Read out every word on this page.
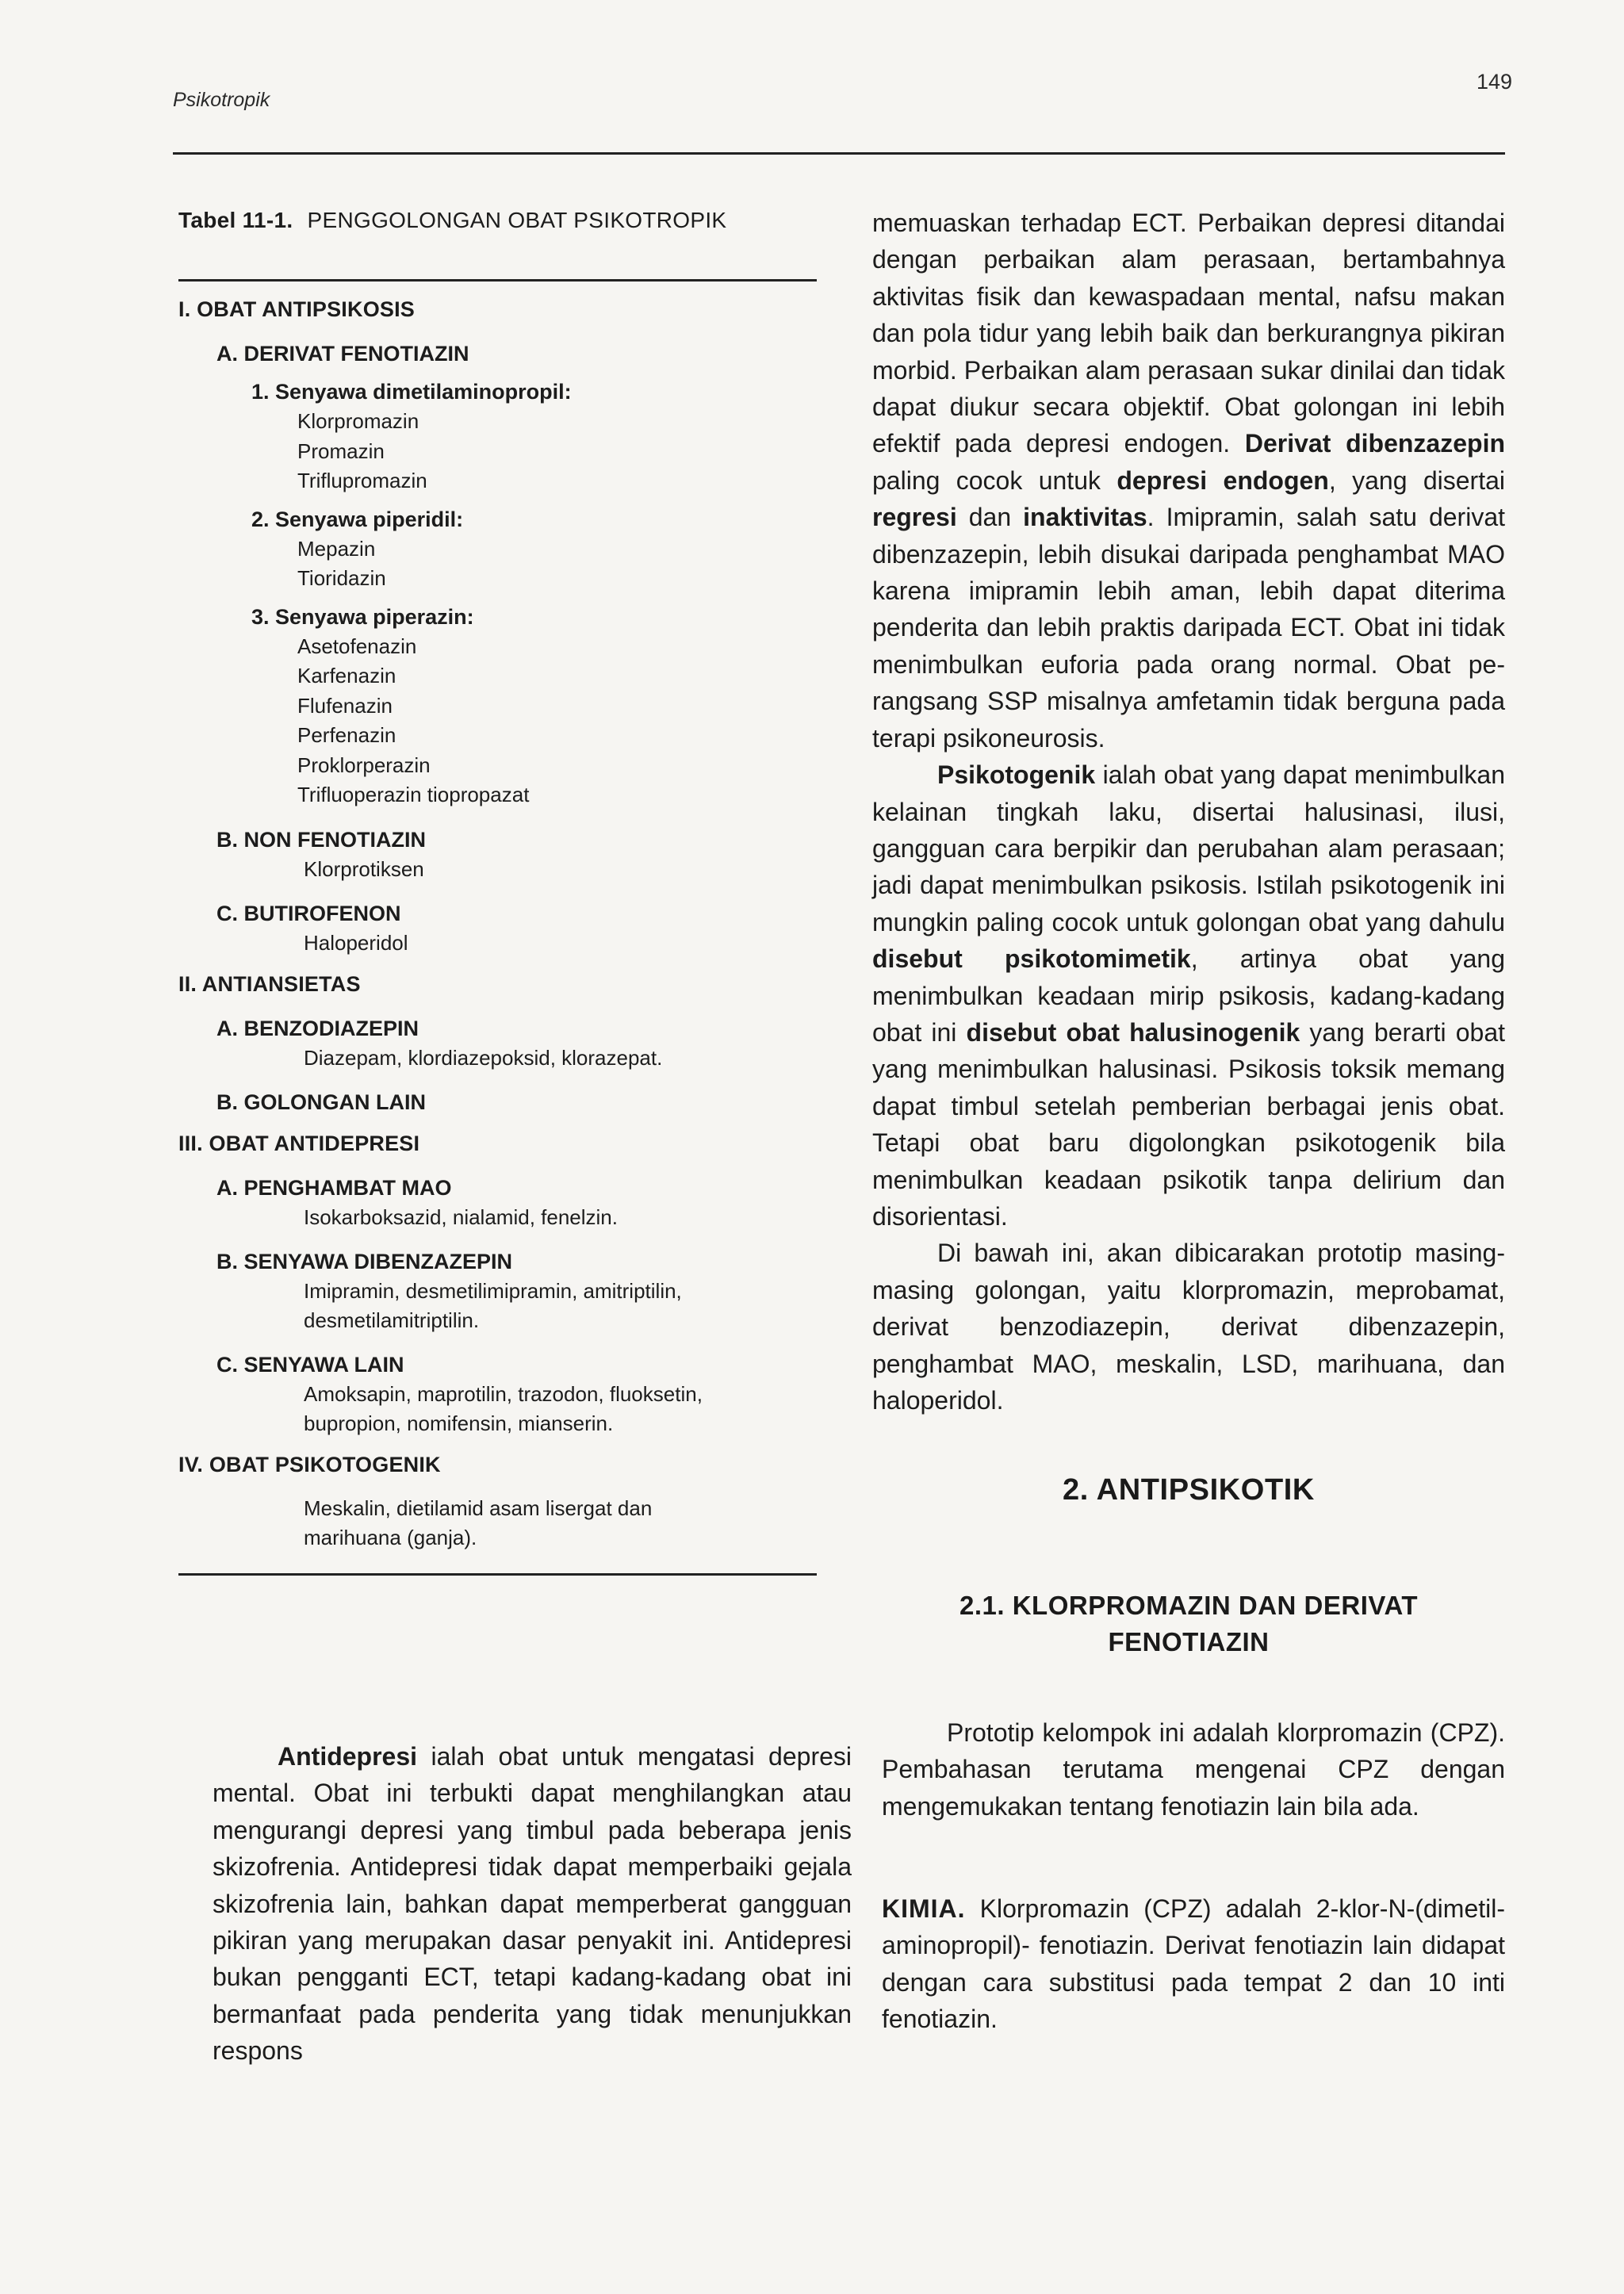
Psikotropik
149
Tabel 11-1. PENGGOLONGAN OBAT PSIKOTROPIK
I. OBAT ANTIPSIKOSIS
A. DERIVAT FENOTIAZIN
1. Senyawa dimetilaminopropil:
Klorpromazin
Promazin
Triflupromazin
2. Senyawa piperidil:
Mepazin
Tioridazin
3. Senyawa piperazin:
Asetofenazin
Karfenazin
Flufenazin
Perfenazin
Proklorperazin
Trifluoperazin tiopropazat
B. NON FENOTIAZIN
Klorprotiksen
C. BUTIROFENON
Haloperidol
II. ANTIANSIETAS
A. BENZODIAZEPIN
Diazepam, klordiazepoksid, klorazepat.
B. GOLONGAN LAIN
III. OBAT ANTIDEPRESI
A. PENGHAMBAT MAO
Isokarboksazid, nialamid, fenelzin.
B. SENYAWA DIBENZAZEPIN
Imipramin, desmetilimipramin, amitriptilin,
desmetilamitriptilin.
C. SENYAWA LAIN
Amoksapin, maprotilin, trazodon, fluoksetin,
bupropion, nomifensin, mianserin.
IV. OBAT PSIKOTOGENIK
Meskalin, dietilamid asam lisergat dan
marihuana (ganja).

Antidepresi ialah obat untuk mengatasi depresi mental. Obat ini terbukti dapat menghilangkan atau mengurangi depresi yang timbul pada beberapa jenis skizofrenia. Antidepresi tidak dapat memperbaiki gejala skizofrenia lain, bahkan dapat memperberat gangguan pikiran yang merupakan dasar penyakit ini. Antidepresi bukan pengganti ECT, tetapi kadang-kadang obat ini bermanfaat pada penderita yang tidak menunjukkan respons

memuaskan terhadap ECT. Perbaikan depresi ditandai dengan perbaikan alam perasaan, bertambahnya aktivitas fisik dan kewaspadaan mental, nafsu makan dan pola tidur yang lebih baik dan berkurangnya pikiran morbid. Perbaikan alam perasaan sukar dinilai dan tidak dapat diukur secara objektif. Obat golongan ini lebih efektif pada depresi endogen. Derivat dibenzazepin paling cocok untuk depresi endogen, yang disertai regresi dan inaktivitas. Imipramin, salah satu derivat dibenzazepin, lebih disukai daripada penghambat MAO karena imipramin lebih aman, lebih dapat diterima penderita dan lebih praktis daripada ECT. Obat ini tidak menimbulkan euforia pada orang normal. Obat pe-rangsang SSP misalnya amfetamin tidak berguna pada terapi psikoneurosis.

Psikotogenik ialah obat yang dapat menimbulkan kelainan tingkah laku, disertai halusinasi, ilusi, gangguan cara berpikir dan perubahan alam perasaan; jadi dapat menimbulkan psikosis. Istilah psikotogenik ini mungkin paling cocok untuk golongan obat yang dahulu disebut psikotomimetik, artinya obat yang menimbulkan keadaan mirip psikosis, kadang-kadang obat ini disebut obat halusinogenik yang berarti obat yang menimbulkan halusinasi. Psikosis toksik memang dapat timbul setelah pemberian berbagai jenis obat. Tetapi obat baru digolongkan psikotogenik bila menimbulkan keadaan psikotik tanpa delirium dan disorientasi.

Di bawah ini, akan dibicarakan prototip masing-masing golongan, yaitu klorpromazin, meprobamat, derivat benzodiazepin, derivat dibenzazepin, penghambat MAO, meskalin, LSD, marihuana, dan haloperidol.

2. ANTIPSIKOTIK
2.1. KLORPROMAZIN DAN DERIVAT
FENOTIAZIN

Prototip kelompok ini adalah klorpromazin (CPZ). Pembahasan terutama mengenai CPZ dengan mengemukakan tentang fenotiazin lain bila ada.

KIMIA. Klorpromazin (CPZ) adalah 2-klor-N-(dimetil-aminopropil)- fenotiazin. Derivat fenotiazin lain didapat dengan cara substitusi pada tempat 2 dan 10 inti fenotiazin.
